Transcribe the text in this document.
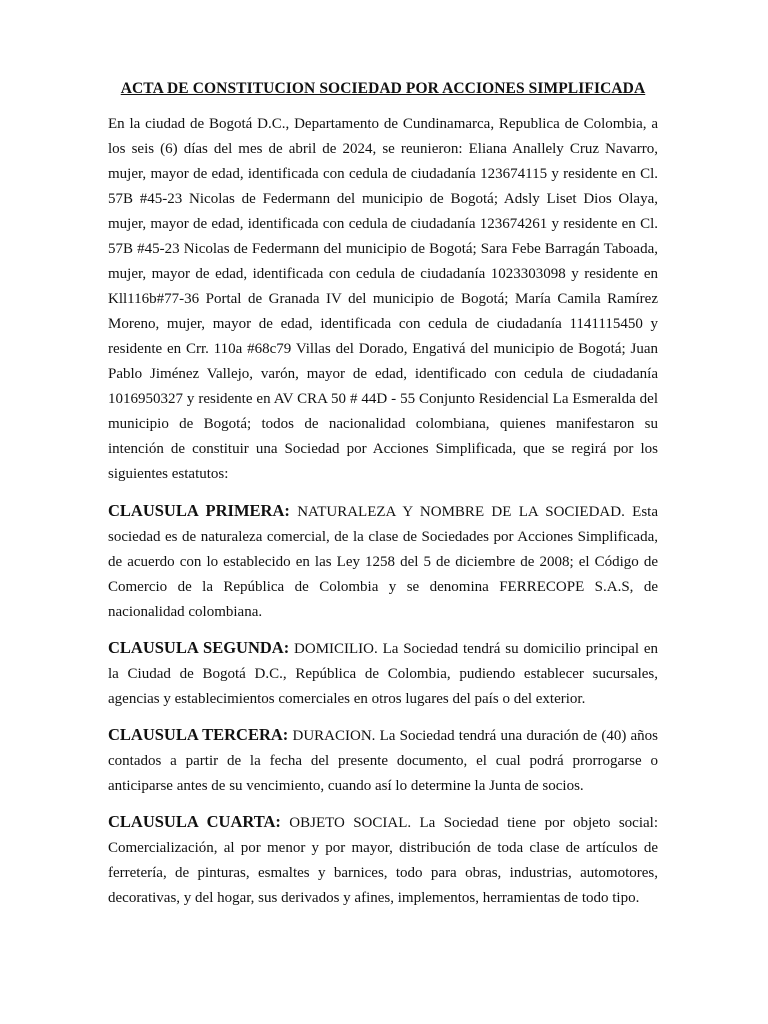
ACTA DE CONSTITUCION SOCIEDAD POR ACCIONES SIMPLIFICADA

En la ciudad de Bogotá D.C., Departamento de Cundinamarca, Republica de Colombia, a los seis (6) días del mes de abril de 2024, se reunieron: Eliana Anallely Cruz Navarro, mujer, mayor de edad, identificada con cedula de ciudadanía 123674115 y residente en Cl. 57B #45-23 Nicolas de Federmann del municipio de Bogotá; Adsly Liset Dios Olaya, mujer, mayor de edad, identificada con cedula de ciudadanía 123674261 y residente en Cl. 57B #45-23 Nicolas de Federmann del municipio de Bogotá; Sara Febe Barragán Taboada, mujer, mayor de edad, identificada con cedula de ciudadanía 1023303098 y residente en Kll116b#77-36 Portal de Granada IV del municipio de Bogotá; María Camila Ramírez Moreno, mujer, mayor de edad, identificada con cedula de ciudadanía 1141115450 y residente en Crr. 110a #68c79 Villas del Dorado, Engativá del municipio de Bogotá; Juan Pablo Jiménez Vallejo, varón, mayor de edad, identificado con cedula de ciudadanía 1016950327 y residente en AV CRA 50 # 44D - 55 Conjunto Residencial La Esmeralda del municipio de Bogotá; todos de nacionalidad colombiana, quienes manifestaron su intención de constituir una Sociedad por Acciones Simplificada, que se regirá por los siguientes estatutos:

CLAUSULA PRIMERA: NATURALEZA Y NOMBRE DE LA SOCIEDAD. Esta sociedad es de naturaleza comercial, de la clase de Sociedades por Acciones Simplificada, de acuerdo con lo establecido en las Ley 1258 del 5 de diciembre de 2008; el Código de Comercio de la República de Colombia y se denomina FERRECOPE S.A.S, de nacionalidad colombiana.

CLAUSULA SEGUNDA: DOMICILIO. La Sociedad tendrá su domicilio principal en la Ciudad de Bogotá D.C., República de Colombia, pudiendo establecer sucursales, agencias y establecimientos comerciales en otros lugares del país o del exterior.

CLAUSULA TERCERA: DURACION. La Sociedad tendrá una duración de (40) años contados a partir de la fecha del presente documento, el cual podrá prorrogarse o anticiparse antes de su vencimiento, cuando así lo determine la Junta de socios.

CLAUSULA CUARTA: OBJETO SOCIAL. La Sociedad tiene por objeto social: Comercialización, al por menor y por mayor, distribución de toda clase de artículos de ferretería, de pinturas, esmaltes y barnices, todo para obras, industrias, automotores, decorativas, y del hogar, sus derivados y afines, implementos, herramientas de todo tipo.
